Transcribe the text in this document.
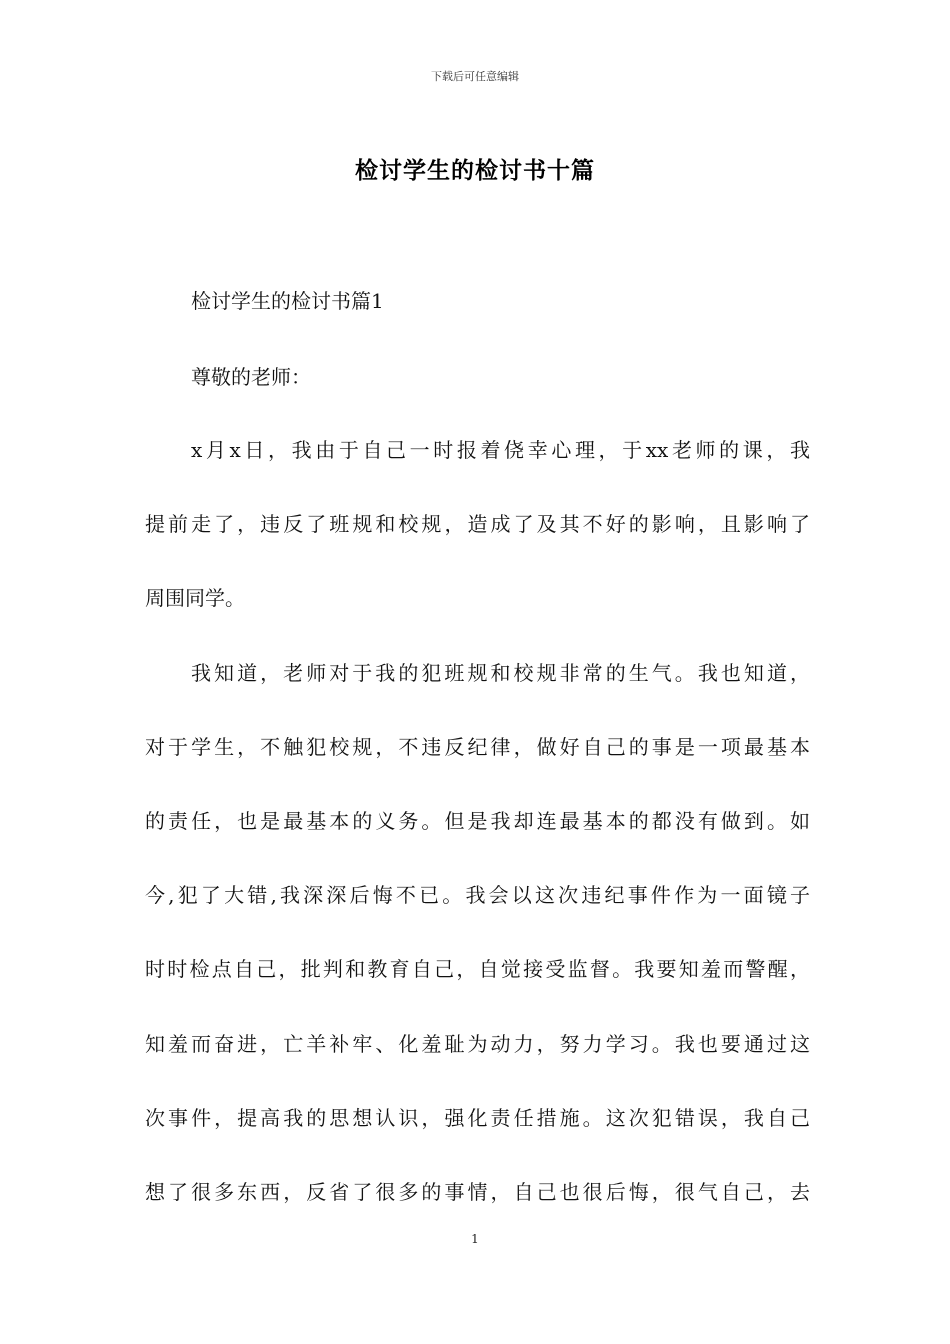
下载后可任意编辑
检讨学生的检讨书十篇
检讨学生的检讨书篇1
尊敬的老师：
x月x日，我由于自己一时报着侥幸心理，于xx老师的课，我
提前走了，违反了班规和校规，造成了及其不好的影响，且影响了
周围同学。
我知道，老师对于我的犯班规和校规非常的生气。我也知道，
对于学生，不触犯校规，不违反纪律，做好自己的事是一项最基本
的责任，也是最基本的义务。但是我却连最基本的都没有做到。如
今,犯了大错,我深深后悔不已。我会以这次违纪事件作为一面镜子
时时检点自己，批判和教育自己，自觉接受监督。我要知羞而警醒，
知羞而奋进，亡羊补牢、化羞耻为动力，努力学习。我也要通过这
次事件，提高我的思想认识，强化责任措施。这次犯错误，我自己
想了很多东西，反省了很多的事情，自己也很后悔，很气自己，去
1
